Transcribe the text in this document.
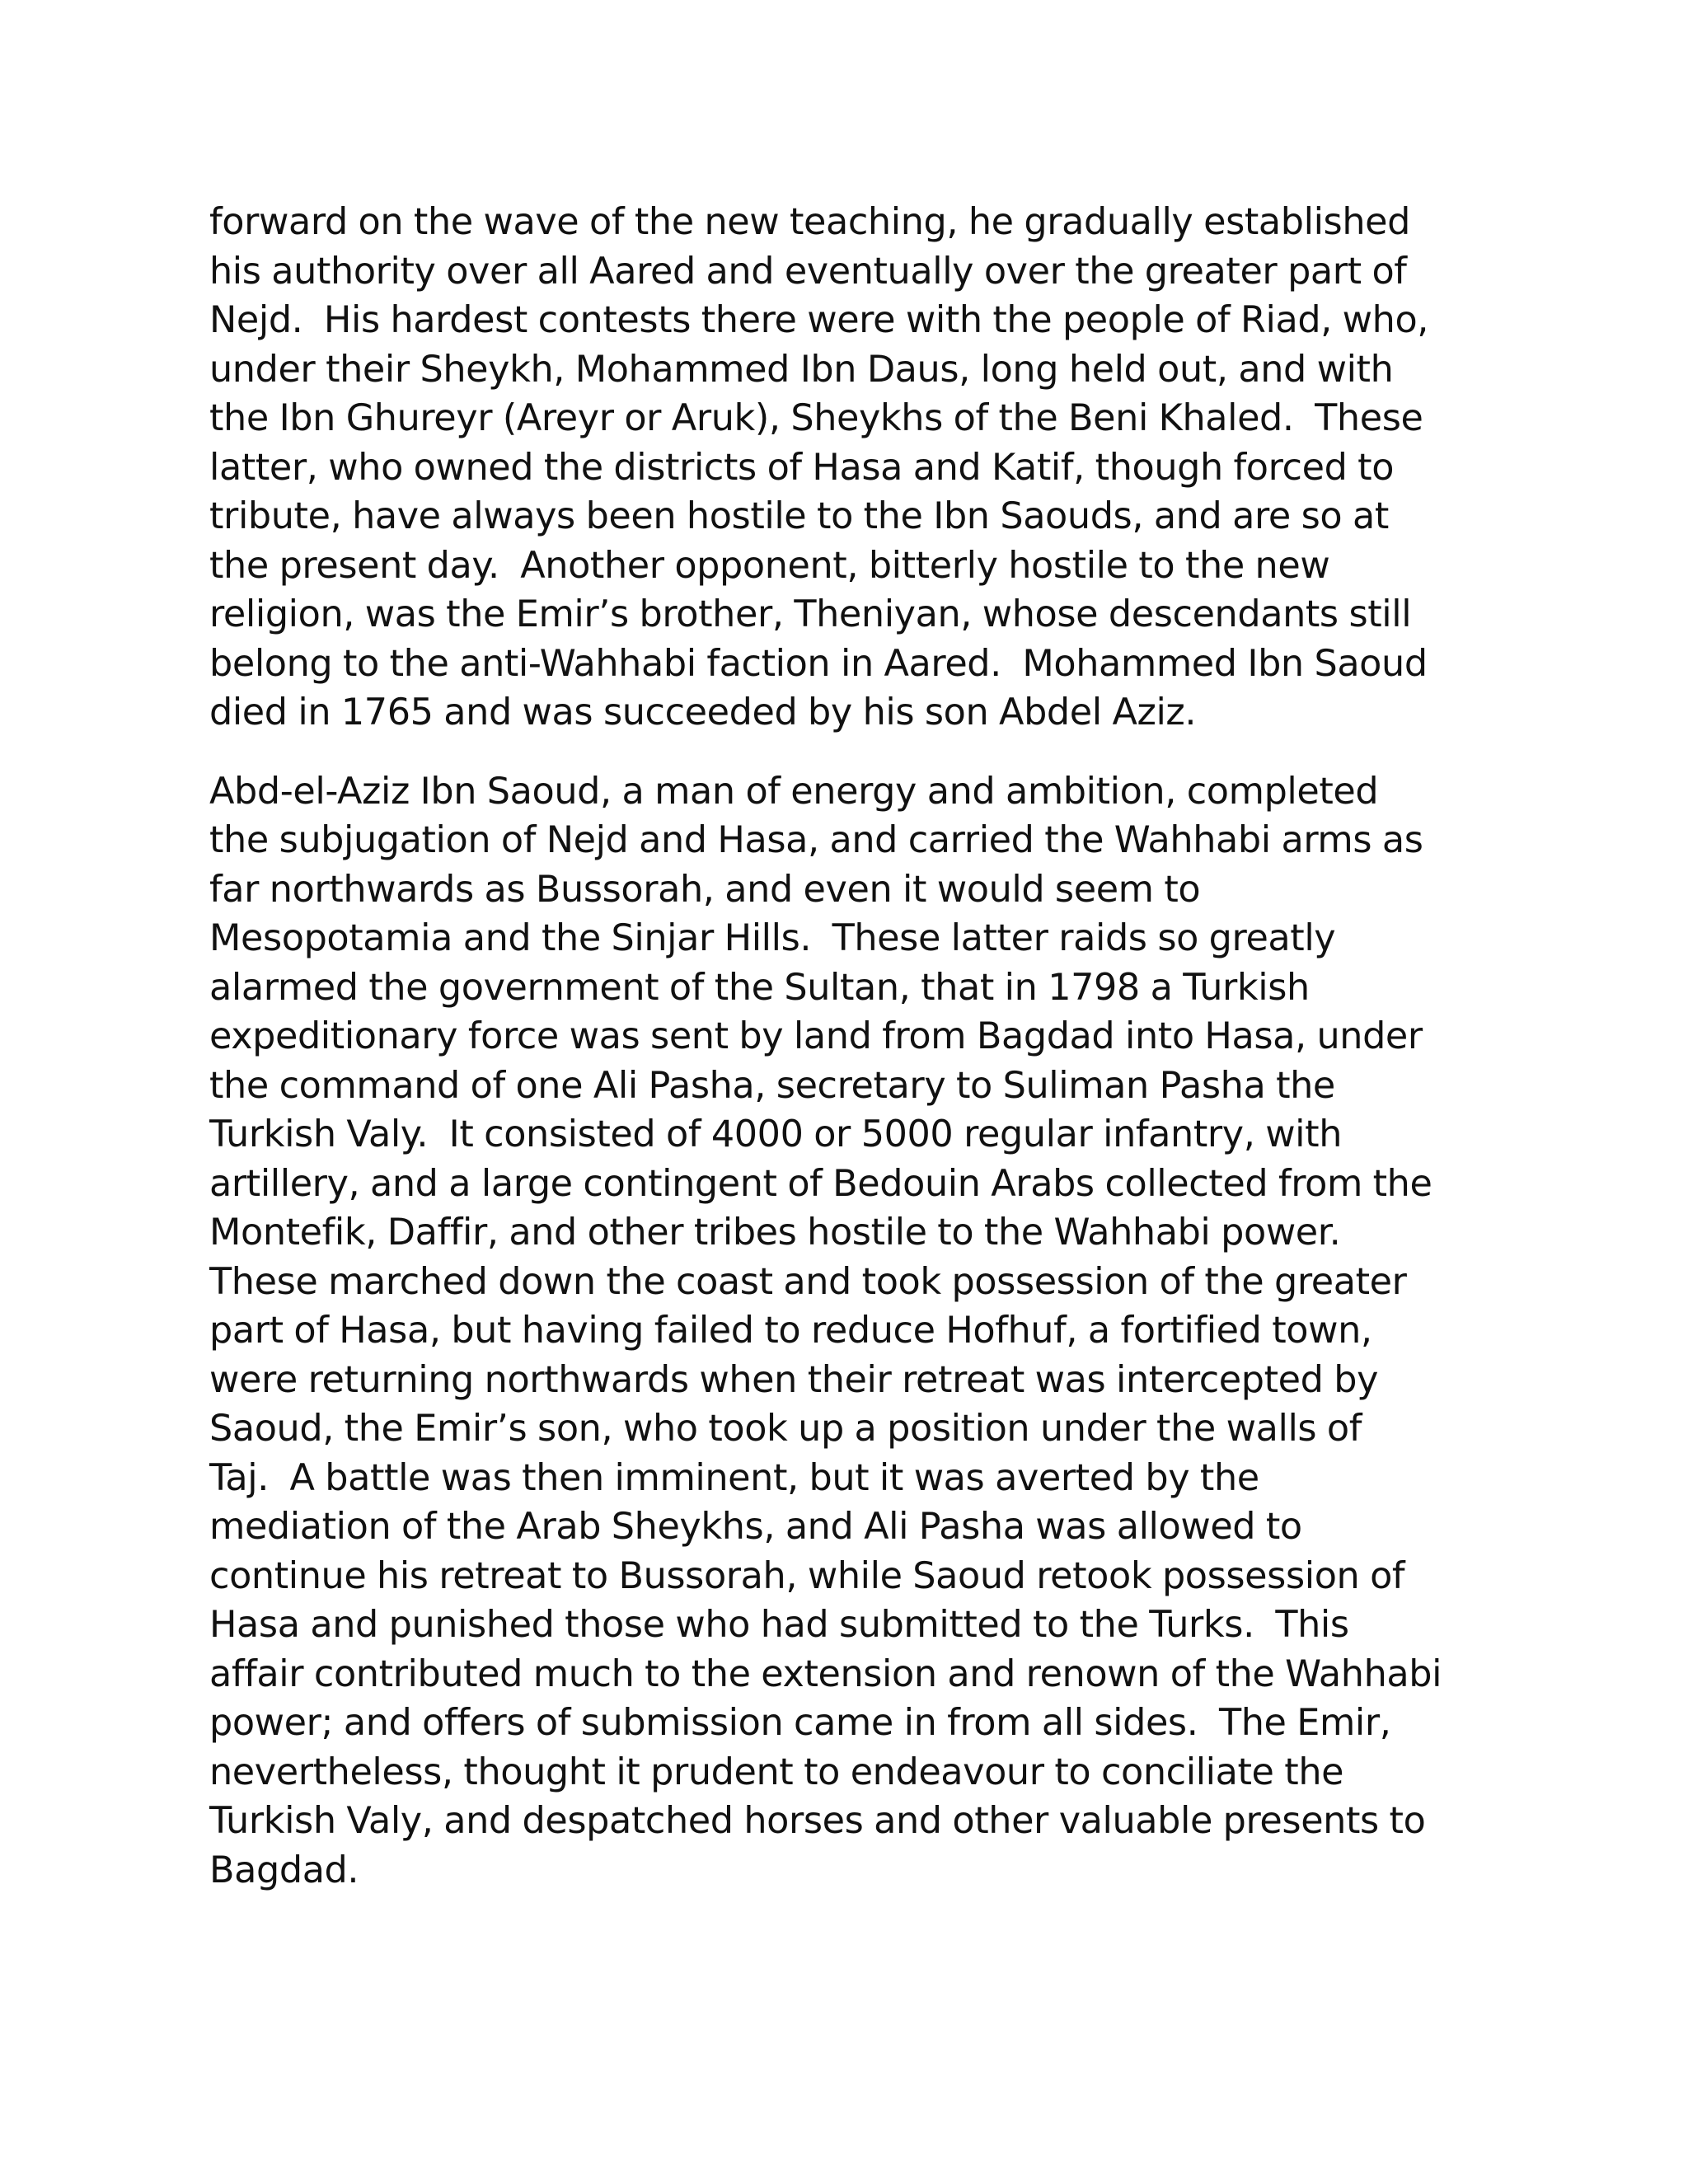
forward on the wave of the new teaching, he gradually established
his authority over all Aared and eventually over the greater part of
Nejd.  His hardest contests there were with the people of Riad, who,
under their Sheykh, Mohammed Ibn Daus, long held out, and with
the Ibn Ghureyr (Areyr or Aruk), Sheykhs of the Beni Khaled.  These
latter, who owned the districts of Hasa and Katif, though forced to
tribute, have always been hostile to the Ibn Saouds, and are so at
the present day.  Another opponent, bitterly hostile to the new
religion, was the Emir’s brother, Theniyan, whose descendants still
belong to the anti-Wahhabi faction in Aared.  Mohammed Ibn Saoud
died in 1765 and was succeeded by his son Abdel Aziz.

Abd-el-Aziz Ibn Saoud, a man of energy and ambition, completed
the subjugation of Nejd and Hasa, and carried the Wahhabi arms as
far northwards as Bussorah, and even it would seem to
Mesopotamia and the Sinjar Hills.  These latter raids so greatly
alarmed the government of the Sultan, that in 1798 a Turkish
expeditionary force was sent by land from Bagdad into Hasa, under
the command of one Ali Pasha, secretary to Suliman Pasha the
Turkish Valy.  It consisted of 4000 or 5000 regular infantry, with
artillery, and a large contingent of Bedouin Arabs collected from the
Montefik, Daffir, and other tribes hostile to the Wahhabi power.
These marched down the coast and took possession of the greater
part of Hasa, but having failed to reduce Hofhuf, a fortified town,
were returning northwards when their retreat was intercepted by
Saoud, the Emir’s son, who took up a position under the walls of
Taj.  A battle was then imminent, but it was averted by the
mediation of the Arab Sheykhs, and Ali Pasha was allowed to
continue his retreat to Bussorah, while Saoud retook possession of
Hasa and punished those who had submitted to the Turks.  This
affair contributed much to the extension and renown of the Wahhabi
power; and offers of submission came in from all sides.  The Emir,
nevertheless, thought it prudent to endeavour to conciliate the
Turkish Valy, and despatched horses and other valuable presents to
Bagdad.
